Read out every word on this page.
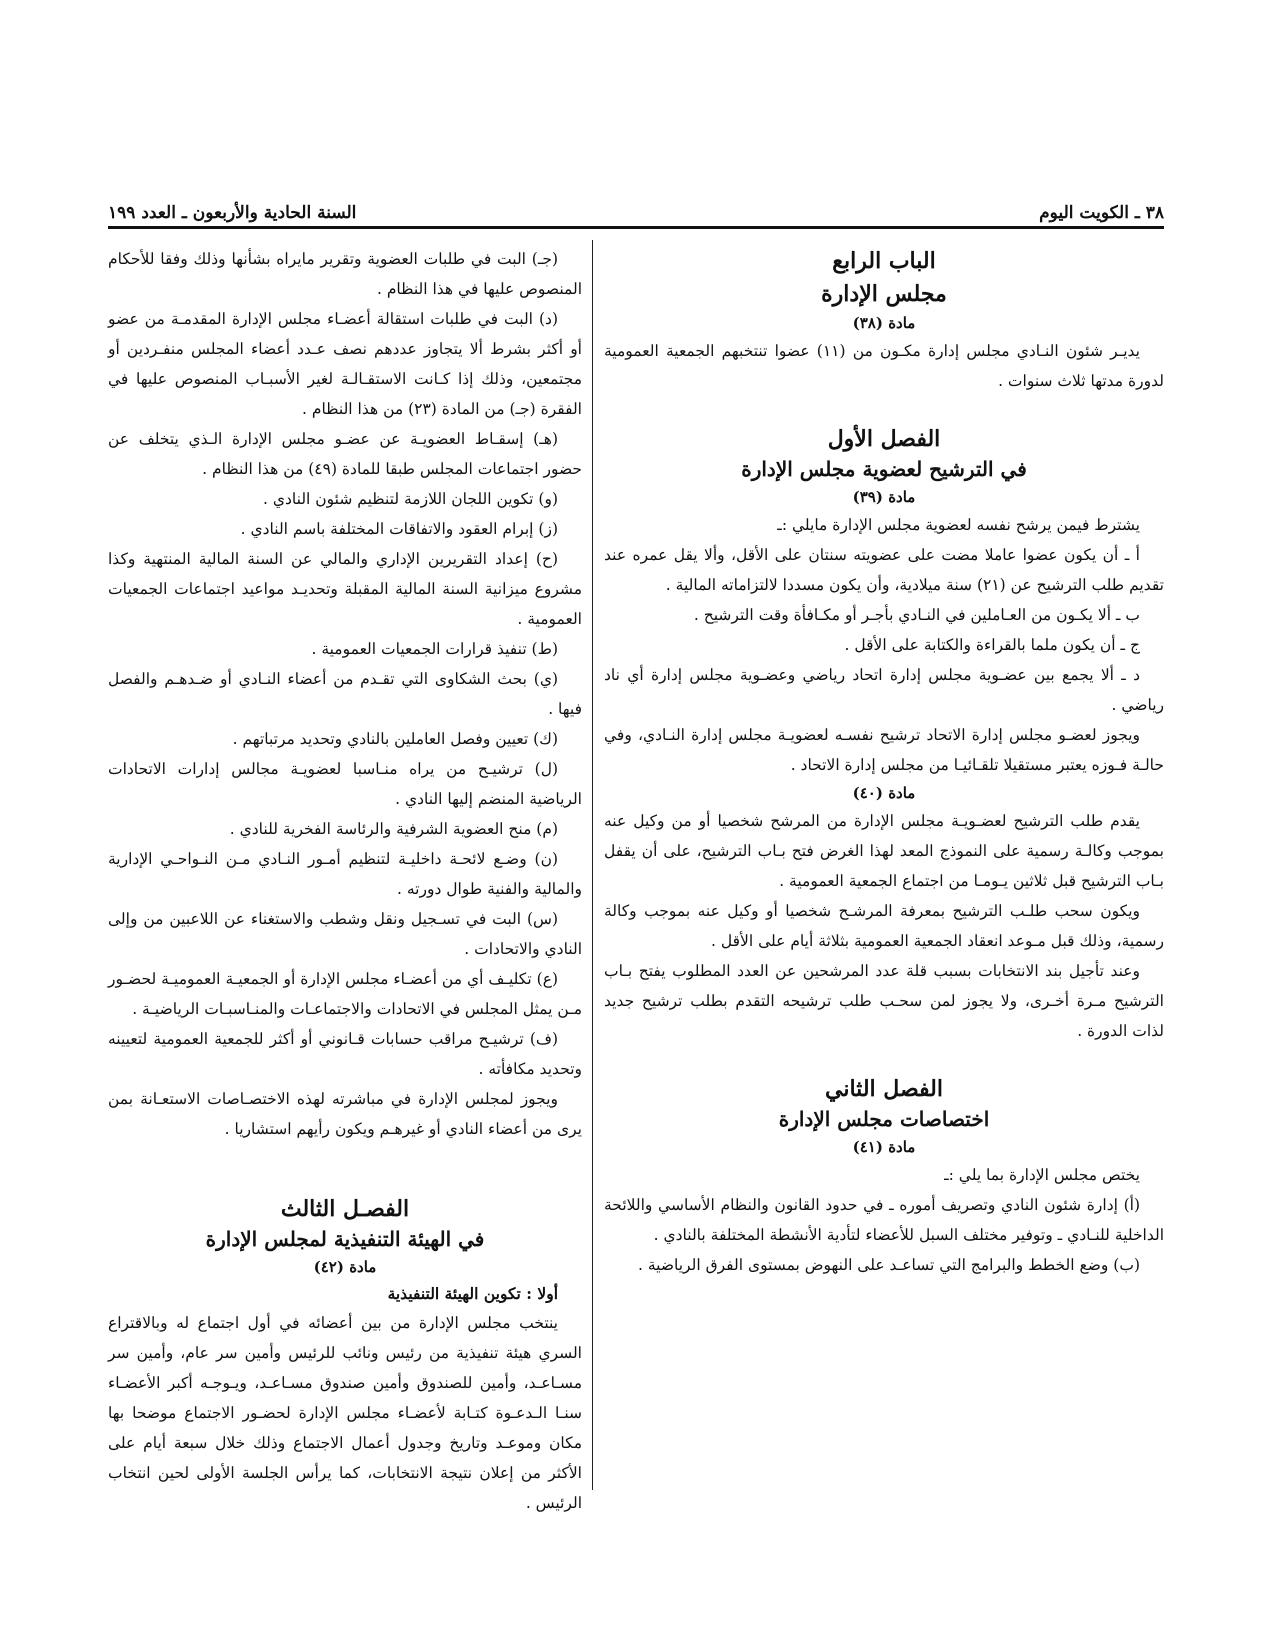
٣٨ ـ الكويت اليوم
السنة الحادية والأربعون ـ العدد ١٩٩

الباب الرابع

مجلس الإدارة

مادة (٣٨)

يديـر شئون النـادي مجلس إدارة مكـون من (١١) عضوا تنتخبهم الجمعية العمومية لدورة مدتها ثلاث سنوات .

الفصل الأول

في الترشيح لعضوية مجلس الإدارة

مادة (٣٩)

يشترط فيمن يرشح نفسه لعضوية مجلس الإدارة مايلي :ـ

أ ـ أن يكون عضوا عاملا مضت على عضويته سنتان على الأقل، وألا يقل عمره عند تقديم طلب الترشيح عن (٢١) سنة ميلادية، وأن يكون مسددا لالتزاماته المالية .

ب ـ ألا يكـون من العـاملين في النـادي بأجـر أو مكـافأة وقت الترشيح .

ج ـ أن يكون ملما بالقراءة والكتابة على الأقل .

د ـ ألا يجمع بين عضـوية مجلس إدارة اتحاد رياضي وعضـوية مجلس إدارة أي ناد رياضي .

ويجوز لعضـو مجلس إدارة الاتحاد ترشيح نفسـه لعضويـة مجلس إدارة النـادي، وفي حالـة فـوزه يعتبر مستقيلا تلقـائيـا من مجلس إدارة الاتحاد .

مادة (٤٠)

يقدم طلب الترشيح لعضـويـة مجلس الإدارة من المرشح شخصيا أو من وكيل عنه بموجب وكالـة رسمية على النموذج المعد لهذا الغرض فتح بـاب الترشيح، على أن يقفل بـاب الترشيح قبل ثلاثين يـومـا من اجتماع الجمعية العمومية .

ويكون سحب طلـب الترشيح بمعرفة المرشـح شخصيا أو وكيل عنه بموجب وكالة رسمية، وذلك قبل مـوعد انعقاد الجمعية العمومية بثلاثة أيام على الأقل .

وعند تأجيل بند الانتخابات بسبب قلة عدد المرشحين عن العدد المطلوب يفتح بـاب الترشيح مـرة أخـرى، ولا يجوز لمن سحـب طلب ترشيحه التقدم بطلب ترشيح جديد لذات الدورة .

الفصل الثاني

اختصاصات مجلس الإدارة

مادة (٤١)

يختص مجلس الإدارة بما يلي :ـ

(أ) إدارة شئون النادي وتصريف أموره ـ في حدود القانون والنظام الأساسي واللائحة الداخلية للنـادي ـ وتوفير مختلف السبل للأعضاء لتأدية الأنشطة المختلفة بالنادي .

(ب) وضع الخطط والبرامج التي تساعـد على النهوض بمستوى الفرق الرياضية .

(جـ) البت في طلبات العضوية وتقرير مايراه بشأنها وذلك وفقا للأحكام المنصوص عليها في هذا النظام .

(د) البت في طلبات استقالة أعضـاء مجلس الإدارة المقدمـة من عضو أو أكثر بشرط ألا يتجاوز عددهم نصف عـدد أعضاء المجلس منفـردين أو مجتمعين، وذلك إذا كـانت الاستقـالـة لغير الأسبـاب المنصوص عليها في الفقرة (جـ) من المادة (٢٣) من هذا النظام .

(هـ) إسقـاط العضويـة عن عضـو مجلس الإدارة الـذي يتخلف عن حضور اجتماعات المجلس طبقا للمادة (٤٩) من هذا النظام .

(و) تكوين اللجان اللازمة لتنظيم شئون النادي .

(ز) إبرام العقود والاتفاقات المختلفة باسم النادي .

(ح) إعداد التقريرين الإداري والمالي عن السنة المالية المنتهية وكذا مشروع ميزانية السنة المالية المقبلة وتحديـد مواعيد اجتماعات الجمعيات العمومية .

(ط) تنفيذ قرارات الجمعيات العمومية .

(ي) بحث الشكاوى التي تقـدم من أعضاء النـادي أو ضـدهـم والفصل فيها .

(ك) تعيين وفصل العاملين بالنادي وتحديد مرتباتهم .

(ل) ترشيـح من يراه منـاسبا لعضويـة مجالس إدارات الاتحادات الرياضية المنضم إليها النادي .

(م) منح العضوية الشرفية والرئاسة الفخرية للنادي .

(ن) وضـع لائحـة داخليـة لتنظيم أمـور النـادي مـن النـواحـي الإدارية والمالية والفنية طوال دورته .

(س) البت في تسـجيل ونقل وشطب والاستغناء عن اللاعبين من وإلى النادي والاتحادات .

(ع) تكليـف أي من أعضـاء مجلس الإدارة أو الجمعيـة العموميـة لحضـور مـن يمثل المجلس في الاتحادات والاجتماعـات والمنـاسبـات الرياضيـة .

(ف) ترشيـح مراقب حسابات قـانوني أو أكثر للجمعية العمومية لتعيينه وتحديد مكافأته .

ويجوز لمجلس الإدارة في مباشرته لهذه الاختصـاصات الاستعـانة بمن يرى من أعضاء النادي أو غيرهـم ويكون رأيهم استشاريا .

الفصـل الثالث

في الهيئة التنفيذية لمجلس الإدارة

مادة (٤٢)

أولا : تكوين الهيئة التنفيذية

ينتخب مجلس الإدارة من بين أعضائه في أول اجتماع له وبالاقتراع السري هيئة تنفيذية من رئيس ونائب للرئيس وأمين سر عام، وأمين سر مسـاعـد، وأمين للصندوق وأمين صندوق مسـاعـد، ويـوجـه أكبر الأعضـاء سنـا الـدعـوة كتـابة لأعضـاء مجلس الإدارة لحضـور الاجتماع موضحا بها مكان وموعـد وتاريخ وجدول أعمال الاجتماع وذلك خلال سبعة أيام على الأكثر من إعلان نتيجة الانتخابات، كما يرأس الجلسة الأولى لحين انتخاب الرئيس .
